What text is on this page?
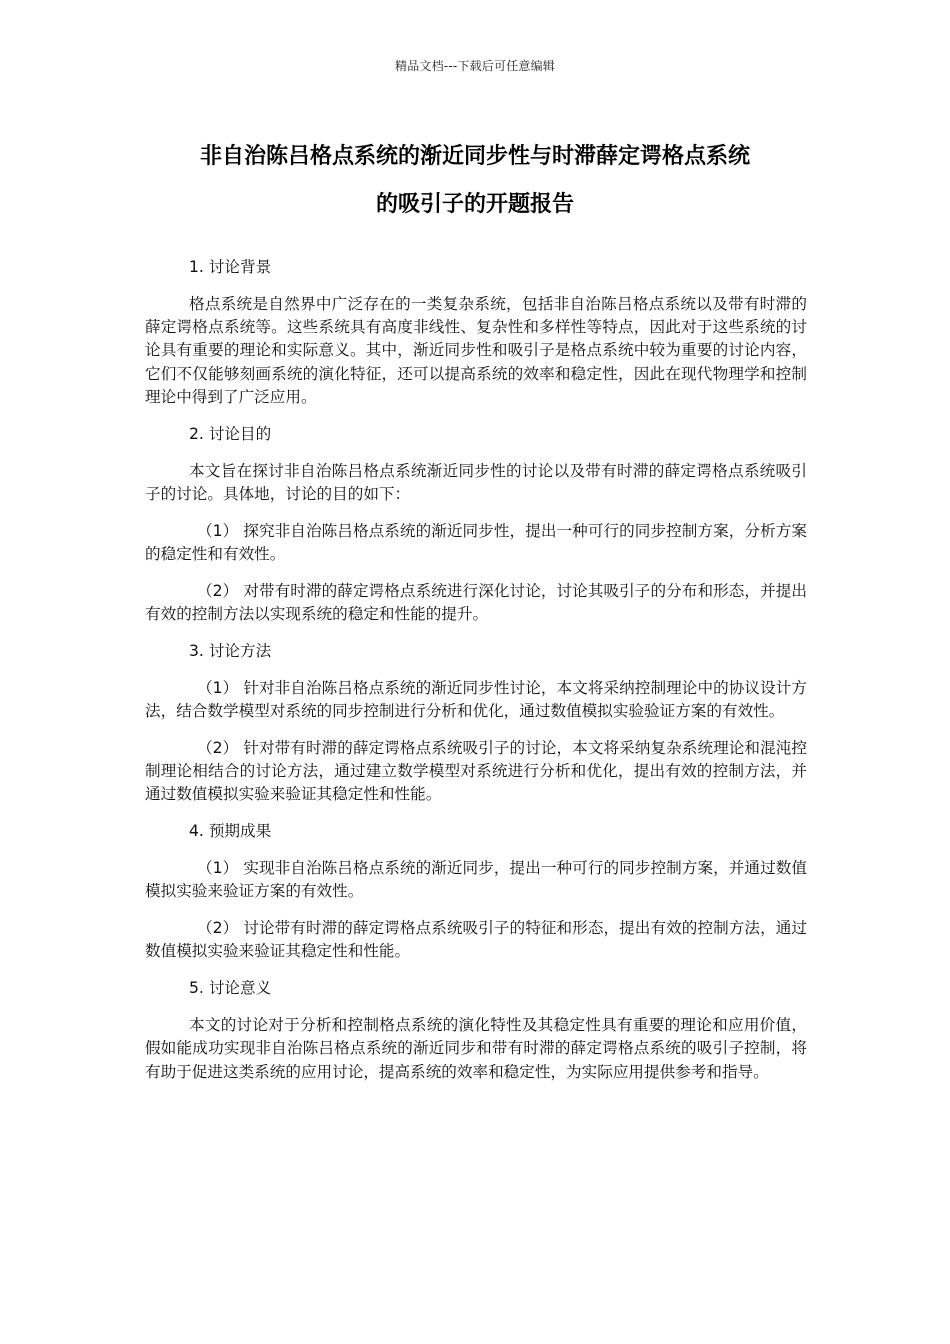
精品文档---下载后可任意编辑
非自治陈吕格点系统的渐近同步性与时滞薛定谔格点系统
的吸引子的开题报告

1. 讨论背景

格点系统是自然界中广泛存在的一类复杂系统，包括非自治陈吕格点系统以及带有时滞的薛定谔格点系统等。这些系统具有高度非线性、复杂性和多样性等特点，因此对于这些系统的讨论具有重要的理论和实际意义。其中，渐近同步性和吸引子是格点系统中较为重要的讨论内容，它们不仅能够刻画系统的演化特征，还可以提高系统的效率和稳定性，因此在现代物理学和控制理论中得到了广泛应用。

2. 讨论目的

本文旨在探讨非自治陈吕格点系统渐近同步性的讨论以及带有时滞的薛定谔格点系统吸引子的讨论。具体地，讨论的目的如下：

（1） 探究非自治陈吕格点系统的渐近同步性，提出一种可行的同步控制方案，分析方案的稳定性和有效性。

（2） 对带有时滞的薛定谔格点系统进行深化讨论，讨论其吸引子的分布和形态，并提出有效的控制方法以实现系统的稳定和性能的提升。

3. 讨论方法

（1） 针对非自治陈吕格点系统的渐近同步性讨论，本文将采纳控制理论中的协议设计方法，结合数学模型对系统的同步控制进行分析和优化，通过数值模拟实验验证方案的有效性。

（2） 针对带有时滞的薛定谔格点系统吸引子的讨论，本文将采纳复杂系统理论和混沌控制理论相结合的讨论方法，通过建立数学模型对系统进行分析和优化，提出有效的控制方法，并通过数值模拟实验来验证其稳定性和性能。

4. 预期成果

（1） 实现非自治陈吕格点系统的渐近同步，提出一种可行的同步控制方案，并通过数值模拟实验来验证方案的有效性。

（2） 讨论带有时滞的薛定谔格点系统吸引子的特征和形态，提出有效的控制方法，通过数值模拟实验来验证其稳定性和性能。

5. 讨论意义

本文的讨论对于分析和控制格点系统的演化特性及其稳定性具有重要的理论和应用价值，假如能成功实现非自治陈吕格点系统的渐近同步和带有时滞的薛定谔格点系统的吸引子控制，将有助于促进这类系统的应用讨论，提高系统的效率和稳定性，为实际应用提供参考和指导。
